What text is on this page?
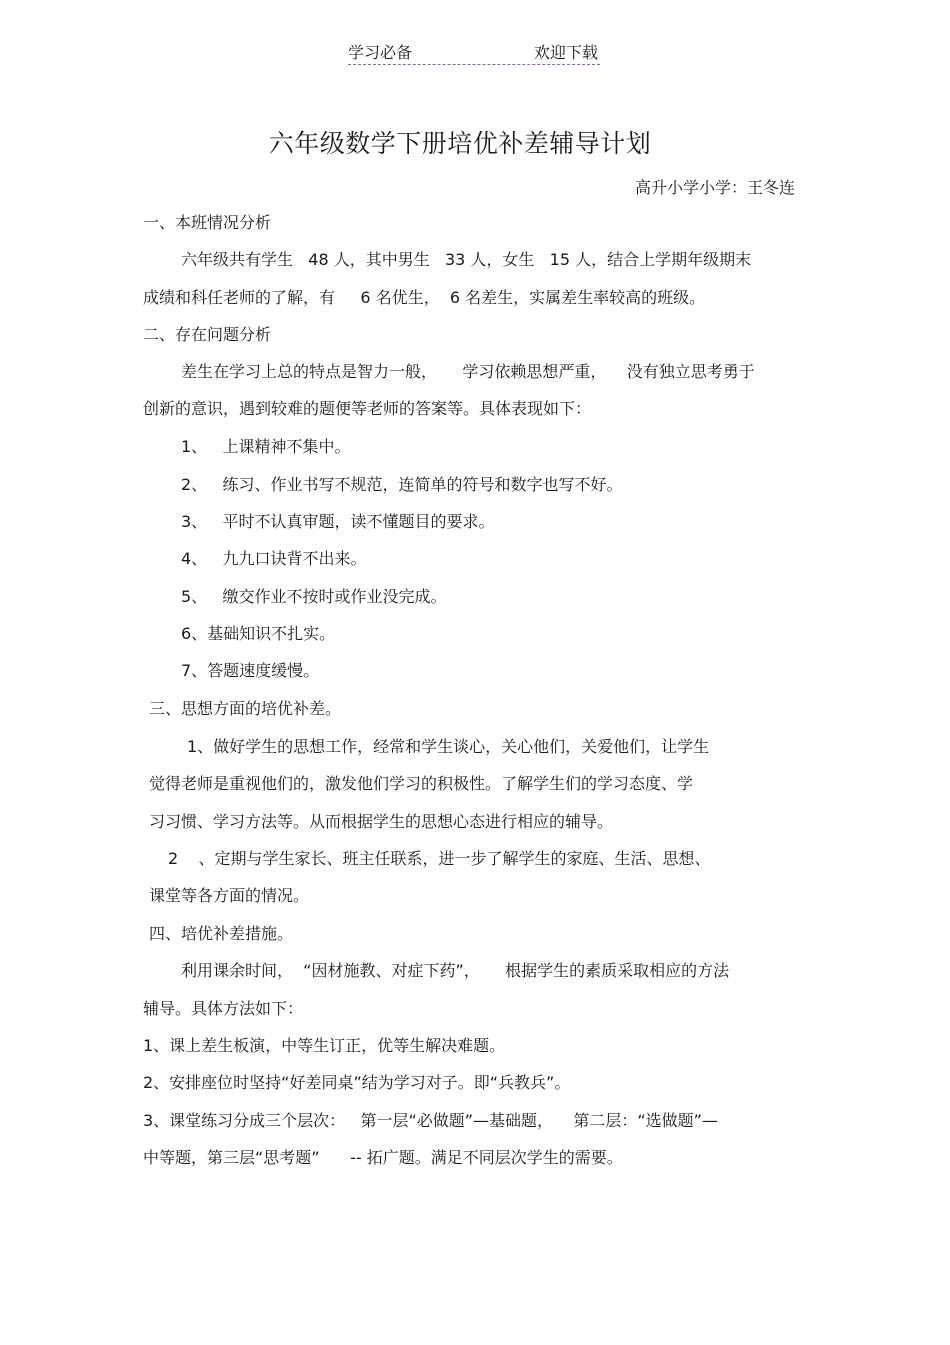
学习必备	欢迎下载
六年级数学下册培优补差辅导计划
高升小学小学：王冬连
一、本班情况分析
六年级共有学生   48 人，其中男生   33 人，女生   15 人，结合上学期年级期末
成绩和科任老师的了解，有     6 名优生，  6 名差生，实属差生率较高的班级。
二、存在问题分析
差生在学习上总的特点是智力一般，     学习依赖思想严重，    没有独立思考勇于
创新的意识，遇到较难的题便等老师的答案等。具体表现如下：
1、   上课精神不集中。
2、   练习、作业书写不规范，连简单的符号和数字也写不好。
3、   平时不认真审题，读不懂题目的要求。
4、   九九口诀背不出来。
5、   缴交作业不按时或作业没完成。
6、基础知识不扎实。
7、答题速度缓慢。
三、思想方面的培优补差。
1、做好学生的思想工作，经常和学生谈心，关心他们，关爱他们，让学生
觉得老师是重视他们的，激发他们学习的积极性。了解学生们的学习态度、学
习习惯、学习方法等。从而根据学生的思想心态进行相应的辅导。
2    、定期与学生家长、班主任联系，进一步了解学生的家庭、生活、思想、
课堂等各方面的情况。
四、培优补差措施。
利用课余时间，  “因材施教、对症下药”，     根据学生的素质采取相应的方法
辅导。具体方法如下：
1、课上差生板演，中等生订正，优等生解决难题。
2、安排座位时坚持“好差同桌”结为学习对子。即“兵教兵”。
3、课堂练习分成三个层次：   第一层“必做题”—基础题，    第二层：“选做题”—
中等题，第三层“思考题”      -- 拓广题。满足不同层次学生的需要。
